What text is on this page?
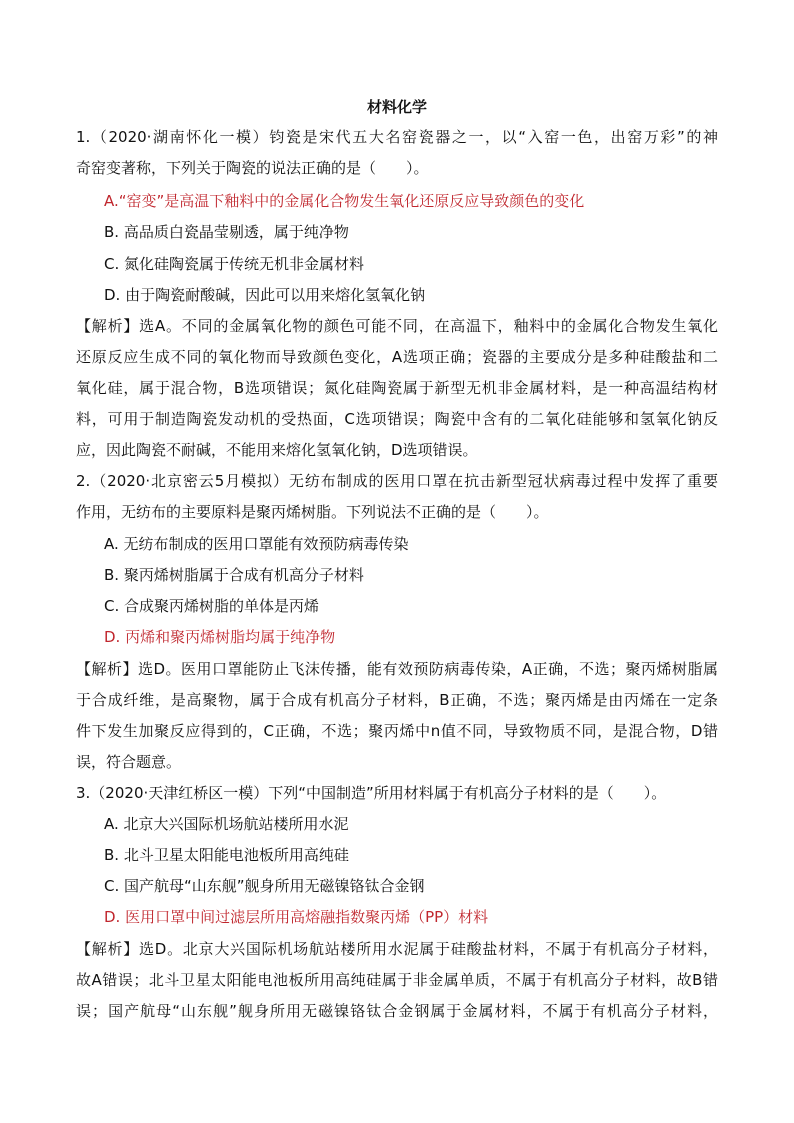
材料化学
1.（2020·湖南怀化一模）钧瓷是宋代五大名窑瓷器之一，以“入窑一色，出窑万彩”的神
奇窑变著称，下列关于陶瓷的说法正确的是（　　）。
A.“窑变”是高温下釉料中的金属化合物发生氧化还原反应导致颜色的变化
B. 高品质白瓷晶莹剔透，属于纯净物
C. 氮化硅陶瓷属于传统无机非金属材料
D. 由于陶瓷耐酸碱，因此可以用来熔化氢氧化钠
【解析】选A。不同的金属氧化物的颜色可能不同，在高温下，釉料中的金属化合物发生氧化
还原反应生成不同的氧化物而导致颜色变化，A选项正确；瓷器的主要成分是多种硅酸盐和二
氧化硅，属于混合物，B选项错误；氮化硅陶瓷属于新型无机非金属材料，是一种高温结构材
料，可用于制造陶瓷发动机的受热面，C选项错误；陶瓷中含有的二氧化硅能够和氢氧化钠反
应，因此陶瓷不耐碱，不能用来熔化氢氧化钠，D选项错误。
2.（2020·北京密云5月模拟）无纺布制成的医用口罩在抗击新型冠状病毒过程中发挥了重要
作用，无纺布的主要原料是聚丙烯树脂。下列说法不正确的是（　　）。
A. 无纺布制成的医用口罩能有效预防病毒传染
B. 聚丙烯树脂属于合成有机高分子材料
C. 合成聚丙烯树脂的单体是丙烯
D. 丙烯和聚丙烯树脂均属于纯净物
【解析】选D。医用口罩能防止飞沫传播，能有效预防病毒传染，A正确，不选；聚丙烯树脂属
于合成纤维，是高聚物，属于合成有机高分子材料，B正确，不选；聚丙烯是由丙烯在一定条
件下发生加聚反应得到的，C正确，不选；聚丙烯中n值不同，导致物质不同，是混合物，D错
误，符合题意。
3.（2020·天津红桥区一模）下列“中国制造”所用材料属于有机高分子材料的是（　　）。
A. 北京大兴国际机场航站楼所用水泥
B. 北斗卫星太阳能电池板所用高纯硅
C. 国产航母“山东舰”舰身所用无磁镍铬钛合金钢
D. 医用口罩中间过滤层所用高熔融指数聚丙烯（PP）材料
【解析】选D。北京大兴国际机场航站楼所用水泥属于硅酸盐材料，不属于有机高分子材料，
故A错误；北斗卫星太阳能电池板所用高纯硅属于非金属单质，不属于有机高分子材料，故B错
误；国产航母“山东舰”舰身所用无磁镍铬钛合金钢属于金属材料，不属于有机高分子材料，
